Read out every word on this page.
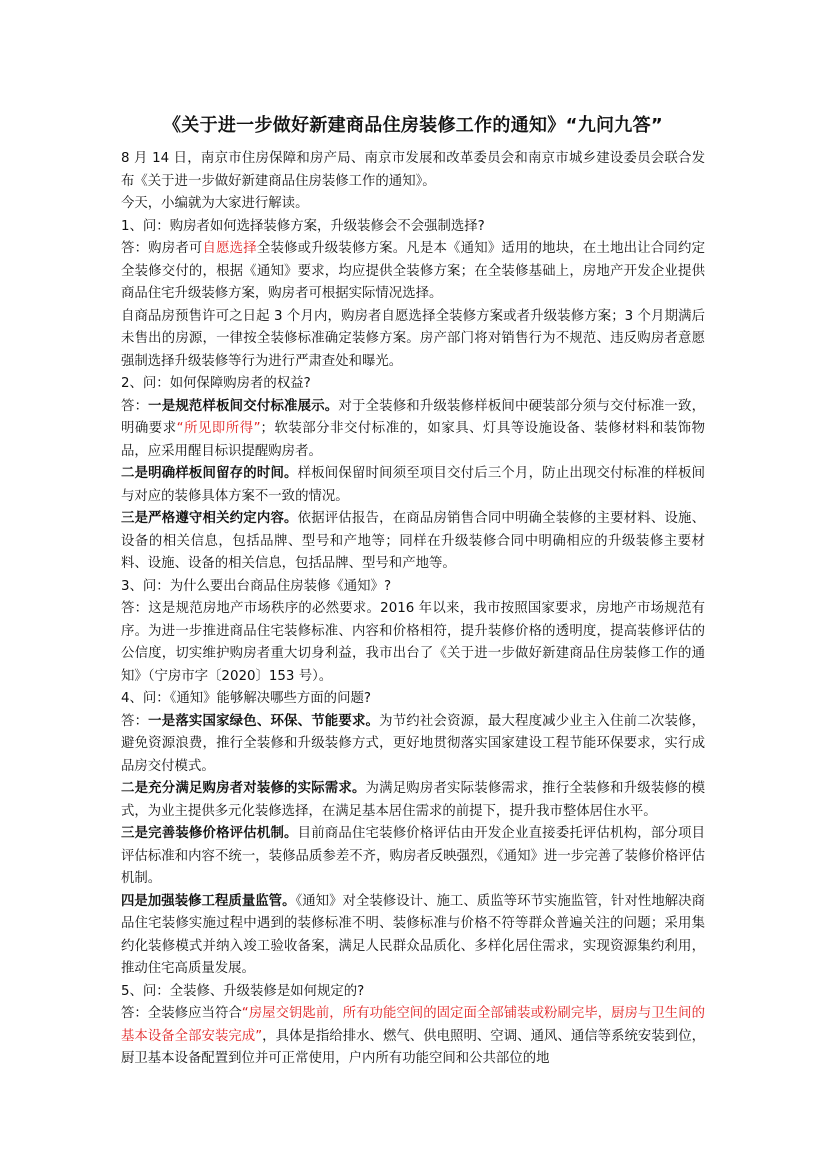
《关于进一步做好新建商品住房装修工作的通知》“九问九答”

8 月 14 日，南京市住房保障和房产局、南京市发展和改革委员会和南京市城乡建设委员会联合发布《关于进一步做好新建商品住房装修工作的通知》。

今天，小编就为大家进行解读。

1、问：购房者如何选择装修方案，升级装修会不会强制选择?

答：购房者可自愿选择全装修或升级装修方案。凡是本《通知》适用的地块，在土地出让合同约定全装修交付的，根据《通知》要求，均应提供全装修方案；在全装修基础上，房地产开发企业提供商品住宅升级装修方案，购房者可根据实际情况选择。

自商品房预售许可之日起 3 个月内，购房者自愿选择全装修方案或者升级装修方案；3 个月期满后未售出的房源，一律按全装修标准确定装修方案。房产部门将对销售行为不规范、违反购房者意愿强制选择升级装修等行为进行严肃查处和曝光。

2、问：如何保障购房者的权益?

答：一是规范样板间交付标准展示。对于全装修和升级装修样板间中硬装部分须与交付标准一致，明确要求“所见即所得”；软装部分非交付标准的，如家具、灯具等设施设备、装修材料和装饰物品，应采用醒目标识提醒购房者。

二是明确样板间留存的时间。样板间保留时间须至项目交付后三个月，防止出现交付标准的样板间与对应的装修具体方案不一致的情况。

三是严格遵守相关约定内容。依据评估报告，在商品房销售合同中明确全装修的主要材料、设施、设备的相关信息，包括品牌、型号和产地等；同样在升级装修合同中明确相应的升级装修主要材料、设施、设备的相关信息，包括品牌、型号和产地等。

3、问：为什么要出台商品住房装修《通知》?

答：这是规范房地产市场秩序的必然要求。2016 年以来，我市按照国家要求，房地产市场规范有序。为进一步推进商品住宅装修标准、内容和价格相符，提升装修价格的透明度，提高装修评估的公信度，切实维护购房者重大切身利益，我市出台了《关于进一步做好新建商品住房装修工作的通知》（宁房市字〔2020〕153 号）。

4、问：《通知》能够解决哪些方面的问题?

答：一是落实国家绿色、环保、节能要求。为节约社会资源，最大程度减少业主入住前二次装修，避免资源浪费，推行全装修和升级装修方式，更好地贯彻落实国家建设工程节能环保要求，实行成品房交付模式。

二是充分满足购房者对装修的实际需求。为满足购房者实际装修需求，推行全装修和升级装修的模式，为业主提供多元化装修选择，在满足基本居住需求的前提下，提升我市整体居住水平。

三是完善装修价格评估机制。目前商品住宅装修价格评估由开发企业直接委托评估机构，部分项目评估标准和内容不统一，装修品质参差不齐，购房者反映强烈，《通知》进一步完善了装修价格评估机制。

四是加强装修工程质量监管。《通知》对全装修设计、施工、质监等环节实施监管，针对性地解决商品住宅装修实施过程中遇到的装修标准不明、装修标准与价格不符等群众普遍关注的问题；采用集约化装修模式并纳入竣工验收备案，满足人民群众品质化、多样化居住需求，实现资源集约利用，推动住宅高质量发展。

5、问：全装修、升级装修是如何规定的?

答：全装修应当符合“房屋交钥匙前，所有功能空间的固定面全部铺装或粉刷完毕，厨房与卫生间的基本设备全部安装完成”，具体是指给排水、燃气、供电照明、空调、通风、通信等系统安装到位，厨卫基本设备配置到位并可正常使用，户内所有功能空间和公共部位的地
